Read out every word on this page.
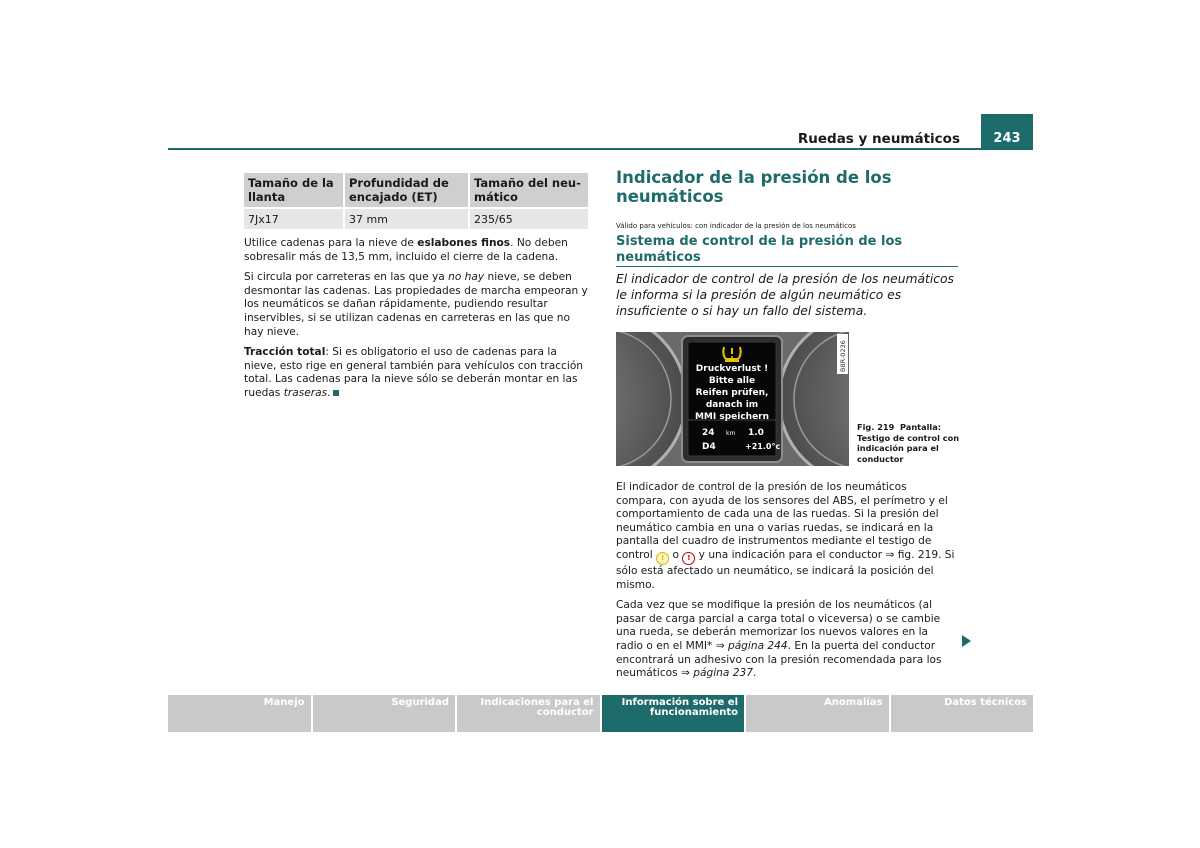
Ruedas y neumáticos	243
Tamaño de la llanta	Profundidad de encajado (ET)	Tamaño del neu-mático
7Jx17	37 mm	235/65

Utilice cadenas para la nieve de eslabones finos. No deben sobresalir más de 13,5 mm, incluido el cierre de la cadena.

Si circula por carreteras en las que ya no hay nieve, se deben desmontar las cadenas. Las propiedades de marcha empeoran y los neumáticos se dañan rápidamente, pudiendo resultar inservibles, si se utilizan cadenas en carreteras en las que no hay nieve.

Tracción total: Si es obligatorio el uso de cadenas para la nieve, esto rige en general también para vehículos con tracción total. Las cadenas para la nieve sólo se deberán montar en las ruedas traseras.

Indicador de la presión de los neumáticos
Válido para vehículos: con indicador de la presión de los neumáticos
Sistema de control de la presión de los neumáticos
El indicador de control de la presión de los neumáticos le informa si la presión de algún neumático es insuficiente o si hay un fallo del sistema.
Druckverlust !
Bitte alle
Reifen prüfen,
danach im
MMI speichern
24 km 1.0
D4	+21.0°c
B8R-0236
Fig. 219 Pantalla: Testigo de control con indicación para el conductor

El indicador de control de la presión de los neumáticos compara, con ayuda de los sensores del ABS, el perímetro y el comportamiento de cada una de las ruedas. Si la presión del neumático cambia en una o varias ruedas, se indicará en la pantalla del cuadro de instrumentos mediante el testigo de control ! o ! y una indicación para el conductor ⇒ fig. 219. Si sólo está afectado un neumático, se indicará la posición del mismo.

Cada vez que se modifique la presión de los neumáticos (al pasar de carga parcial a carga total o viceversa) o se cambie una rueda, se deberán memorizar los nuevos valores en la radio o en el MMI* ⇒ página 244. En la puerta del conductor encontrará un adhesivo con la presión recomendada para los neumáticos ⇒ página 237.

Manejo	Seguridad	Indicaciones para el conductor
Información sobre el funcionamiento
Anomalías	Datos técnicos
